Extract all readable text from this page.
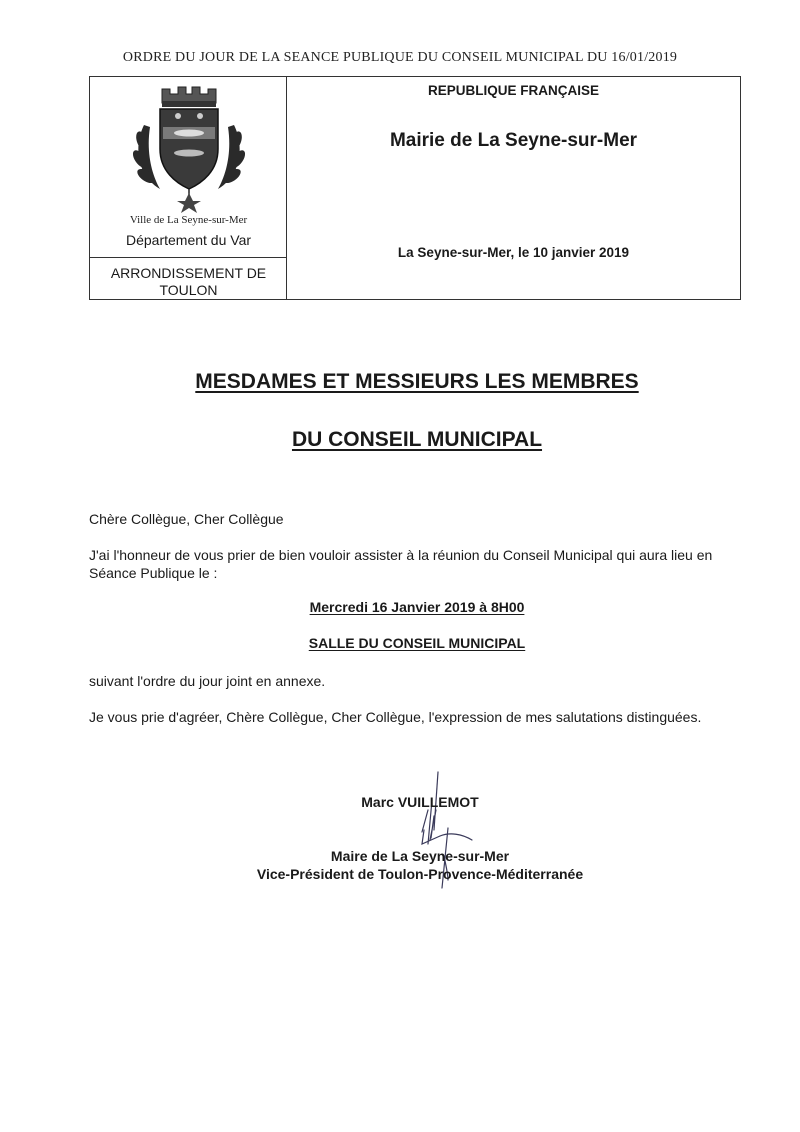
ORDRE DU JOUR DE LA SEANCE PUBLIQUE DU CONSEIL MUNICIPAL DU 16/01/2019
Ville de La Seyne-sur-Mer
Département du Var
ARRONDISSEMENT DE TOULON
REPUBLIQUE FRANÇAISE
Mairie de La Seyne-sur-Mer
La Seyne-sur-Mer, le 10 janvier 2019
MESDAMES ET MESSIEURS LES MEMBRES
DU CONSEIL MUNICIPAL
Chère Collègue, Cher Collègue
J'ai l'honneur de vous prier de bien vouloir assister à la réunion du Conseil Municipal qui aura lieu en Séance Publique le :
Mercredi 16 Janvier 2019 à 8H00
SALLE DU CONSEIL MUNICIPAL
suivant l'ordre du jour joint en annexe.
Je vous prie d'agréer, Chère Collègue, Cher Collègue, l'expression de mes salutations distinguées.
Marc VUILLEMOT
Maire de La Seyne-sur-Mer
Vice-Président de Toulon-Provence-Méditerranée
